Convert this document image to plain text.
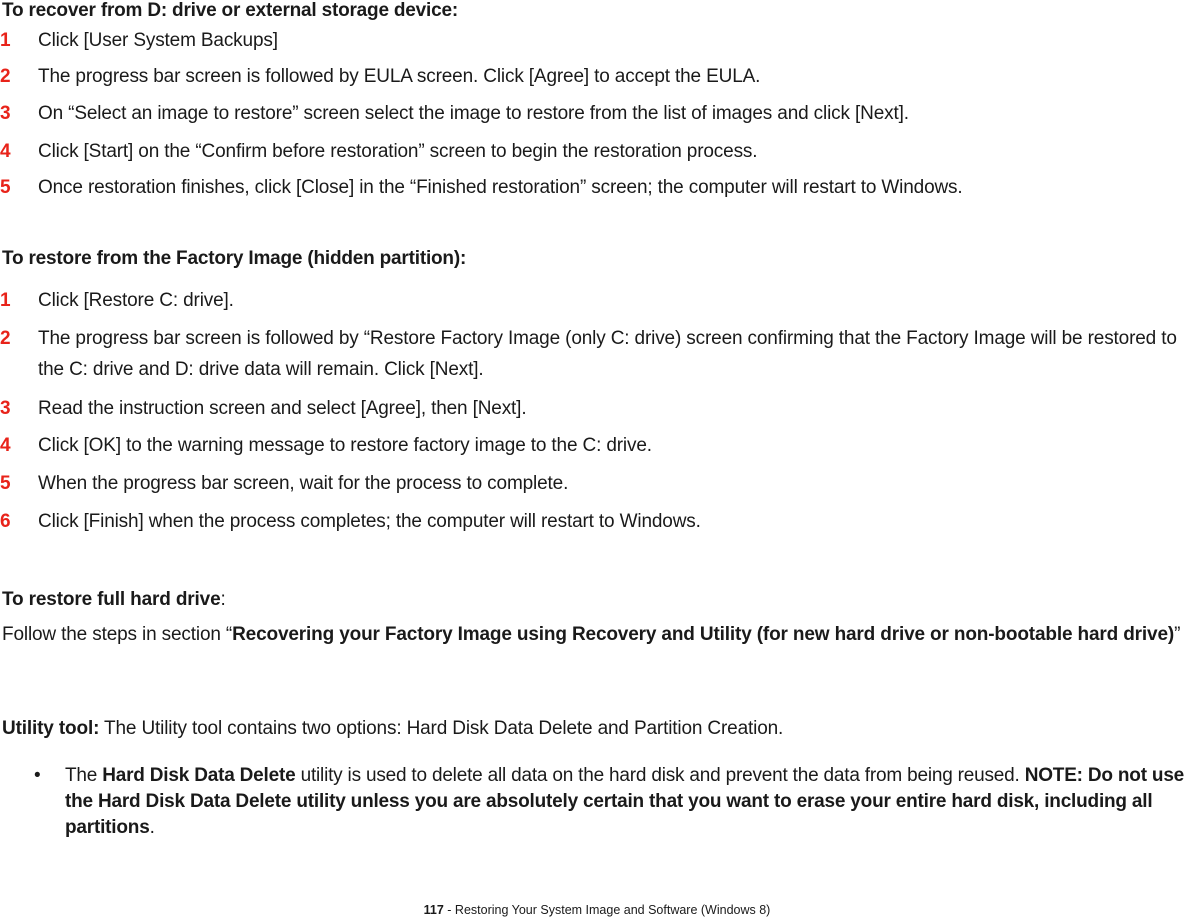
To recover from D: drive or external storage device:
1	Click [User System Backups]
2	The progress bar screen is followed by EULA screen. Click [Agree] to accept the EULA.
3	On “Select an image to restore” screen select the image to restore from the list of images and click [Next].
4	Click [Start] on the “Confirm before restoration” screen to begin the restoration process.
5	Once restoration finishes, click [Close] in the “Finished restoration” screen; the computer will restart to Windows.
To restore from the Factory Image (hidden partition):
1	Click [Restore C: drive].
2	The progress bar screen is followed by “Restore Factory Image (only C: drive) screen confirming that the Factory Image will be restored to the C: drive and D: drive data will remain. Click [Next].
3	Read the instruction screen and select [Agree], then [Next].
4	Click [OK] to the warning message to restore factory image to the C: drive.
5	When the progress bar screen, wait for the process to complete.
6	Click [Finish] when the process completes; the computer will restart to Windows.
To restore full hard drive:
Follow the steps in section “Recovering your Factory Image using Recovery and Utility (for new hard drive or non-bootable hard drive)”
Utility tool: The Utility tool contains two options: Hard Disk Data Delete and Partition Creation.
• The Hard Disk Data Delete utility is used to delete all data on the hard disk and prevent the data from being reused. NOTE: Do not use the Hard Disk Data Delete utility unless you are absolutely certain that you want to erase your entire hard disk, including all partitions.
117 - Restoring Your System Image and Software (Windows 8)
